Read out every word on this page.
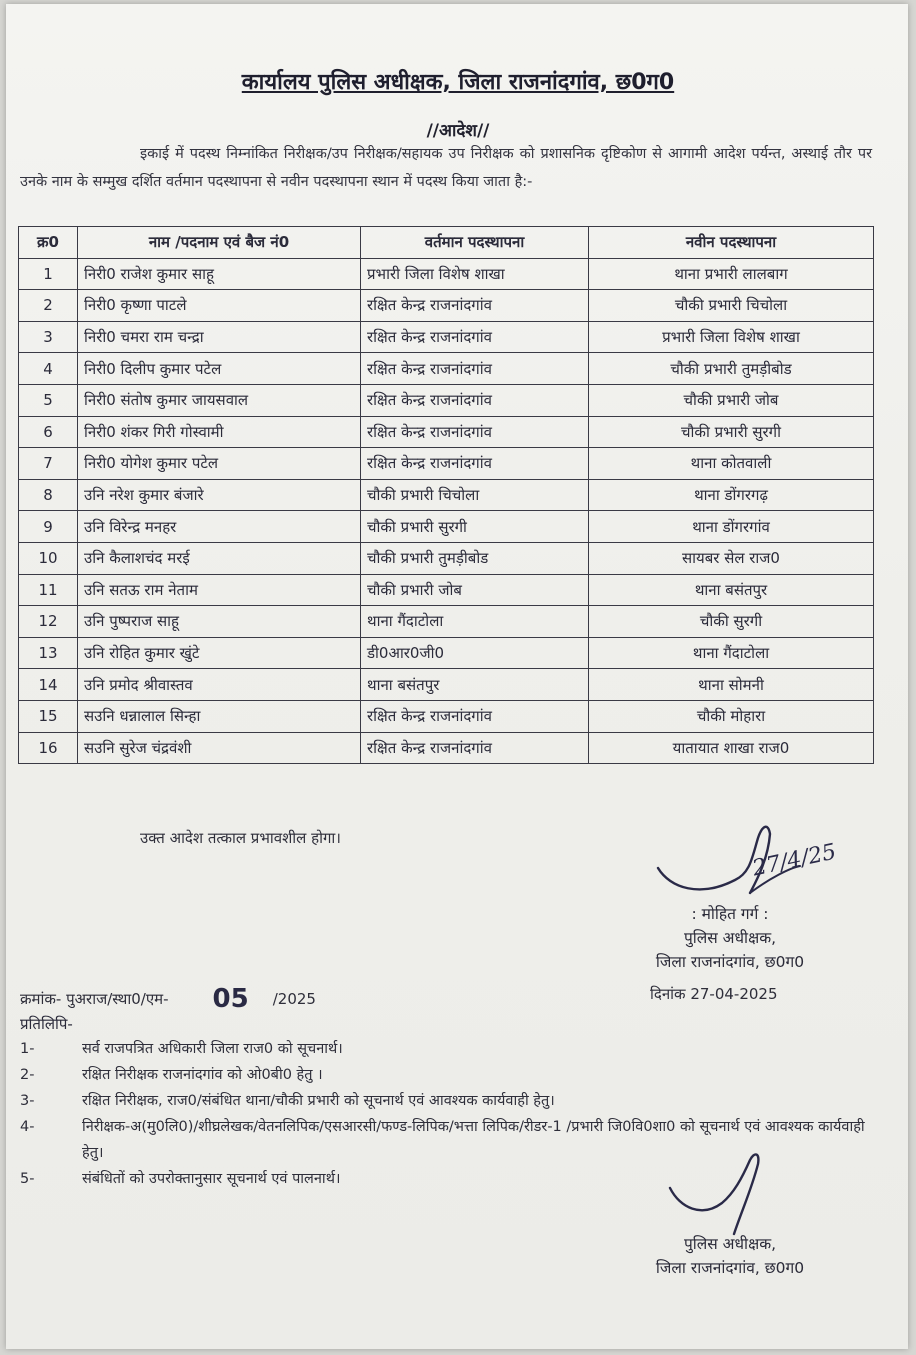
कार्यालय पुलिस अधीक्षक, जिला राजनांदगांव, छ0ग0
//आदेश//
इकाई में पदस्थ निम्नांकित निरीक्षक/उप निरीक्षक/सहायक उप निरीक्षक को प्रशासनिक दृष्टिकोण से आगामी आदेश पर्यन्त, अस्थाई तौर पर उनके नाम के सम्मुख दर्शित वर्तमान पदस्थापना से नवीन पदस्थापना स्थान में पदस्थ किया जाता है:-
क्र0	नाम /पदनाम एवं बैज नं0	वर्तमान पदस्थापना	नवीन पदस्थापना
1	निरी0 राजेश कुमार साहू	प्रभारी जिला विशेष शाखा	थाना प्रभारी लालबाग
2	निरी0 कृष्णा पाटले	रक्षित केन्द्र राजनांदगांव	चौकी प्रभारी चिचोला
3	निरी0 चमरा राम चन्द्रा	रक्षित केन्द्र राजनांदगांव	प्रभारी जिला विशेष शाखा
4	निरी0 दिलीप कुमार पटेल	रक्षित केन्द्र राजनांदगांव	चौकी प्रभारी तुमड़ीबोड
5	निरी0 संतोष कुमार जायसवाल	रक्षित केन्द्र राजनांदगांव	चौकी प्रभारी जोब
6	निरी0 शंकर गिरी गोस्वामी	रक्षित केन्द्र राजनांदगांव	चौकी प्रभारी सुरगी
7	निरी0 योगेश कुमार पटेल	रक्षित केन्द्र राजनांदगांव	थाना कोतवाली
8	उनि नरेश कुमार बंजारे	चौकी प्रभारी चिचोला	थाना डोंगरगढ़
9	उनि विरेन्द्र मनहर	चौकी प्रभारी सुरगी	थाना डोंगरगांव
10	उनि कैलाशचंद मरई	चौकी प्रभारी तुमड़ीबोड	सायबर सेल राज0
11	उनि सतऊ राम नेताम	चौकी प्रभारी जोब	थाना बसंतपुर
12	उनि पुष्पराज साहू	थाना गैंदाटोला	चौकी सुरगी
13	उनि रोहित कुमार खुंटे	डी0आर0जी0	थाना गैंदाटोला
14	उनि प्रमोद श्रीवास्तव	थाना बसंतपुर	थाना सोमनी
15	सउनि धन्नालाल सिन्हा	रक्षित केन्द्र राजनांदगांव	चौकी मोहारा
16	सउनि सुरेज चंद्रवंशी	रक्षित केन्द्र राजनांदगांव	यातायात शाखा राज0
उक्त आदेश तत्काल प्रभावशील होगा।
27/4/25
: मोहित गर्ग :
पुलिस अधीक्षक,
जिला राजनांदगांव, छ0ग0
क्रमांक- पुअराज/स्था0/एम- 05 /2025	दिनांक 27-04-2025
प्रतिलिपि-
1-	सर्व राजपत्रित अधिकारी जिला राज0 को सूचनार्थ।
2-	रक्षित निरीक्षक राजनांदगांव को ओ0बी0 हेतु ।
3-	रक्षित निरीक्षक, राज0/संबंधित थाना/चौकी प्रभारी को सूचनार्थ एवं आवश्यक कार्यवाही हेतु।
4-	निरीक्षक-अ(मु0लि0)/शीघ्रलेखक/वेतनलिपिक/एसआरसी/फण्ड-लिपिक/भत्ता लिपिक/रीडर-1 /प्रभारी जि0वि0शा0 को सूचनार्थ एवं आवश्यक कार्यवाही हेतु।
5-	संबंधितों को उपरोक्तानुसार सूचनार्थ एवं पालनार्थ।
पुलिस अधीक्षक,
जिला राजनांदगांव, छ0ग0
